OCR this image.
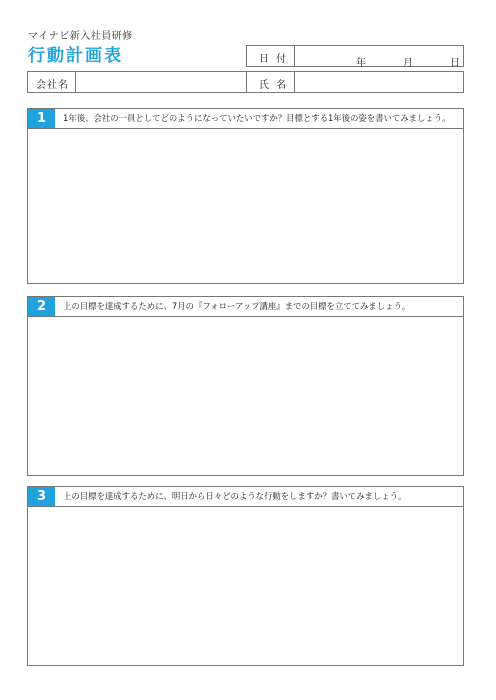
マイナビ新入社員研修
行動計画表	日 付	年	月	日
会社名	氏 名
1	1年後、会社の一員としてどのようになっていたいですか？目標とする1年後の姿を書いてみましょう。
2	上の目標を達成するために、7月の『フォローアップ講座』までの目標を立ててみましょう。
3	上の目標を達成するために、明日から日々どのような行動をしますか？書いてみましょう。
